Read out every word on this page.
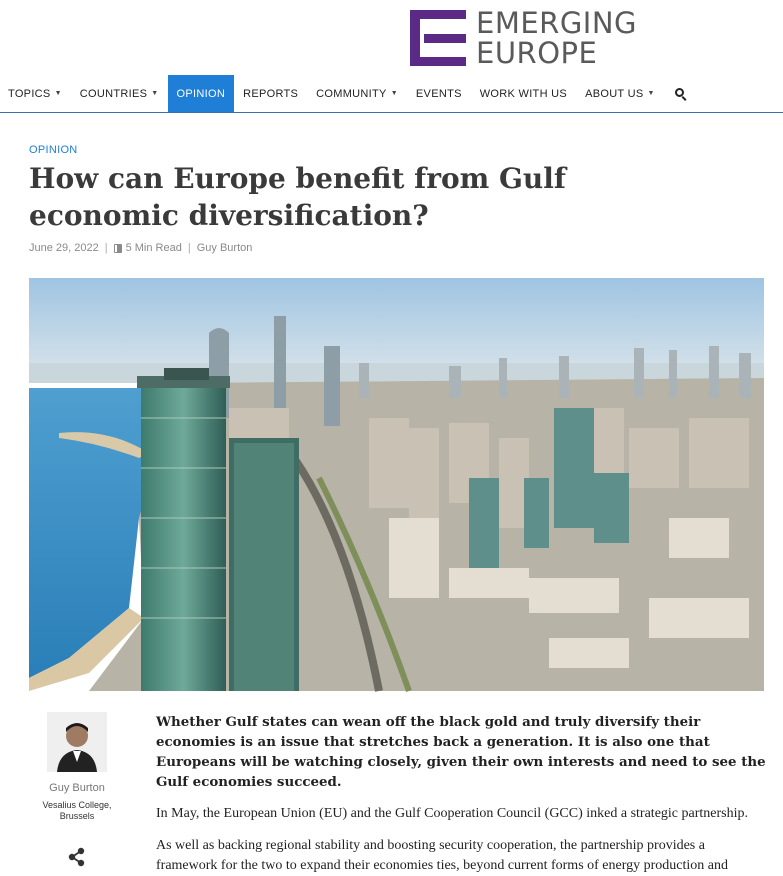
EMERGING
EUROPE
TOPICS ▼ COUNTRIES ▼ OPINION REPORTS COMMUNITY ▼ EVENTS WORK WITH US ABOUT US ▼
OPINION
How can Europe benefit from Gulf economic diversification?
June 29, 2022 | 5 Min Read | Guy Burton
Guy Burton
Vesalius College,
Brussels

Whether Gulf states can wean off the black gold and truly diversify their economies is an issue that stretches back a generation. It is also one that Europeans will be watching closely, given their own interests and need to see the Gulf economies succeed.

In May, the European Union (EU) and the Gulf Cooperation Council (GCC) inked a strategic partnership.

As well as backing regional stability and boosting security cooperation, the partnership provides a framework for the two to expand their economies ties, beyond current forms of energy production and
